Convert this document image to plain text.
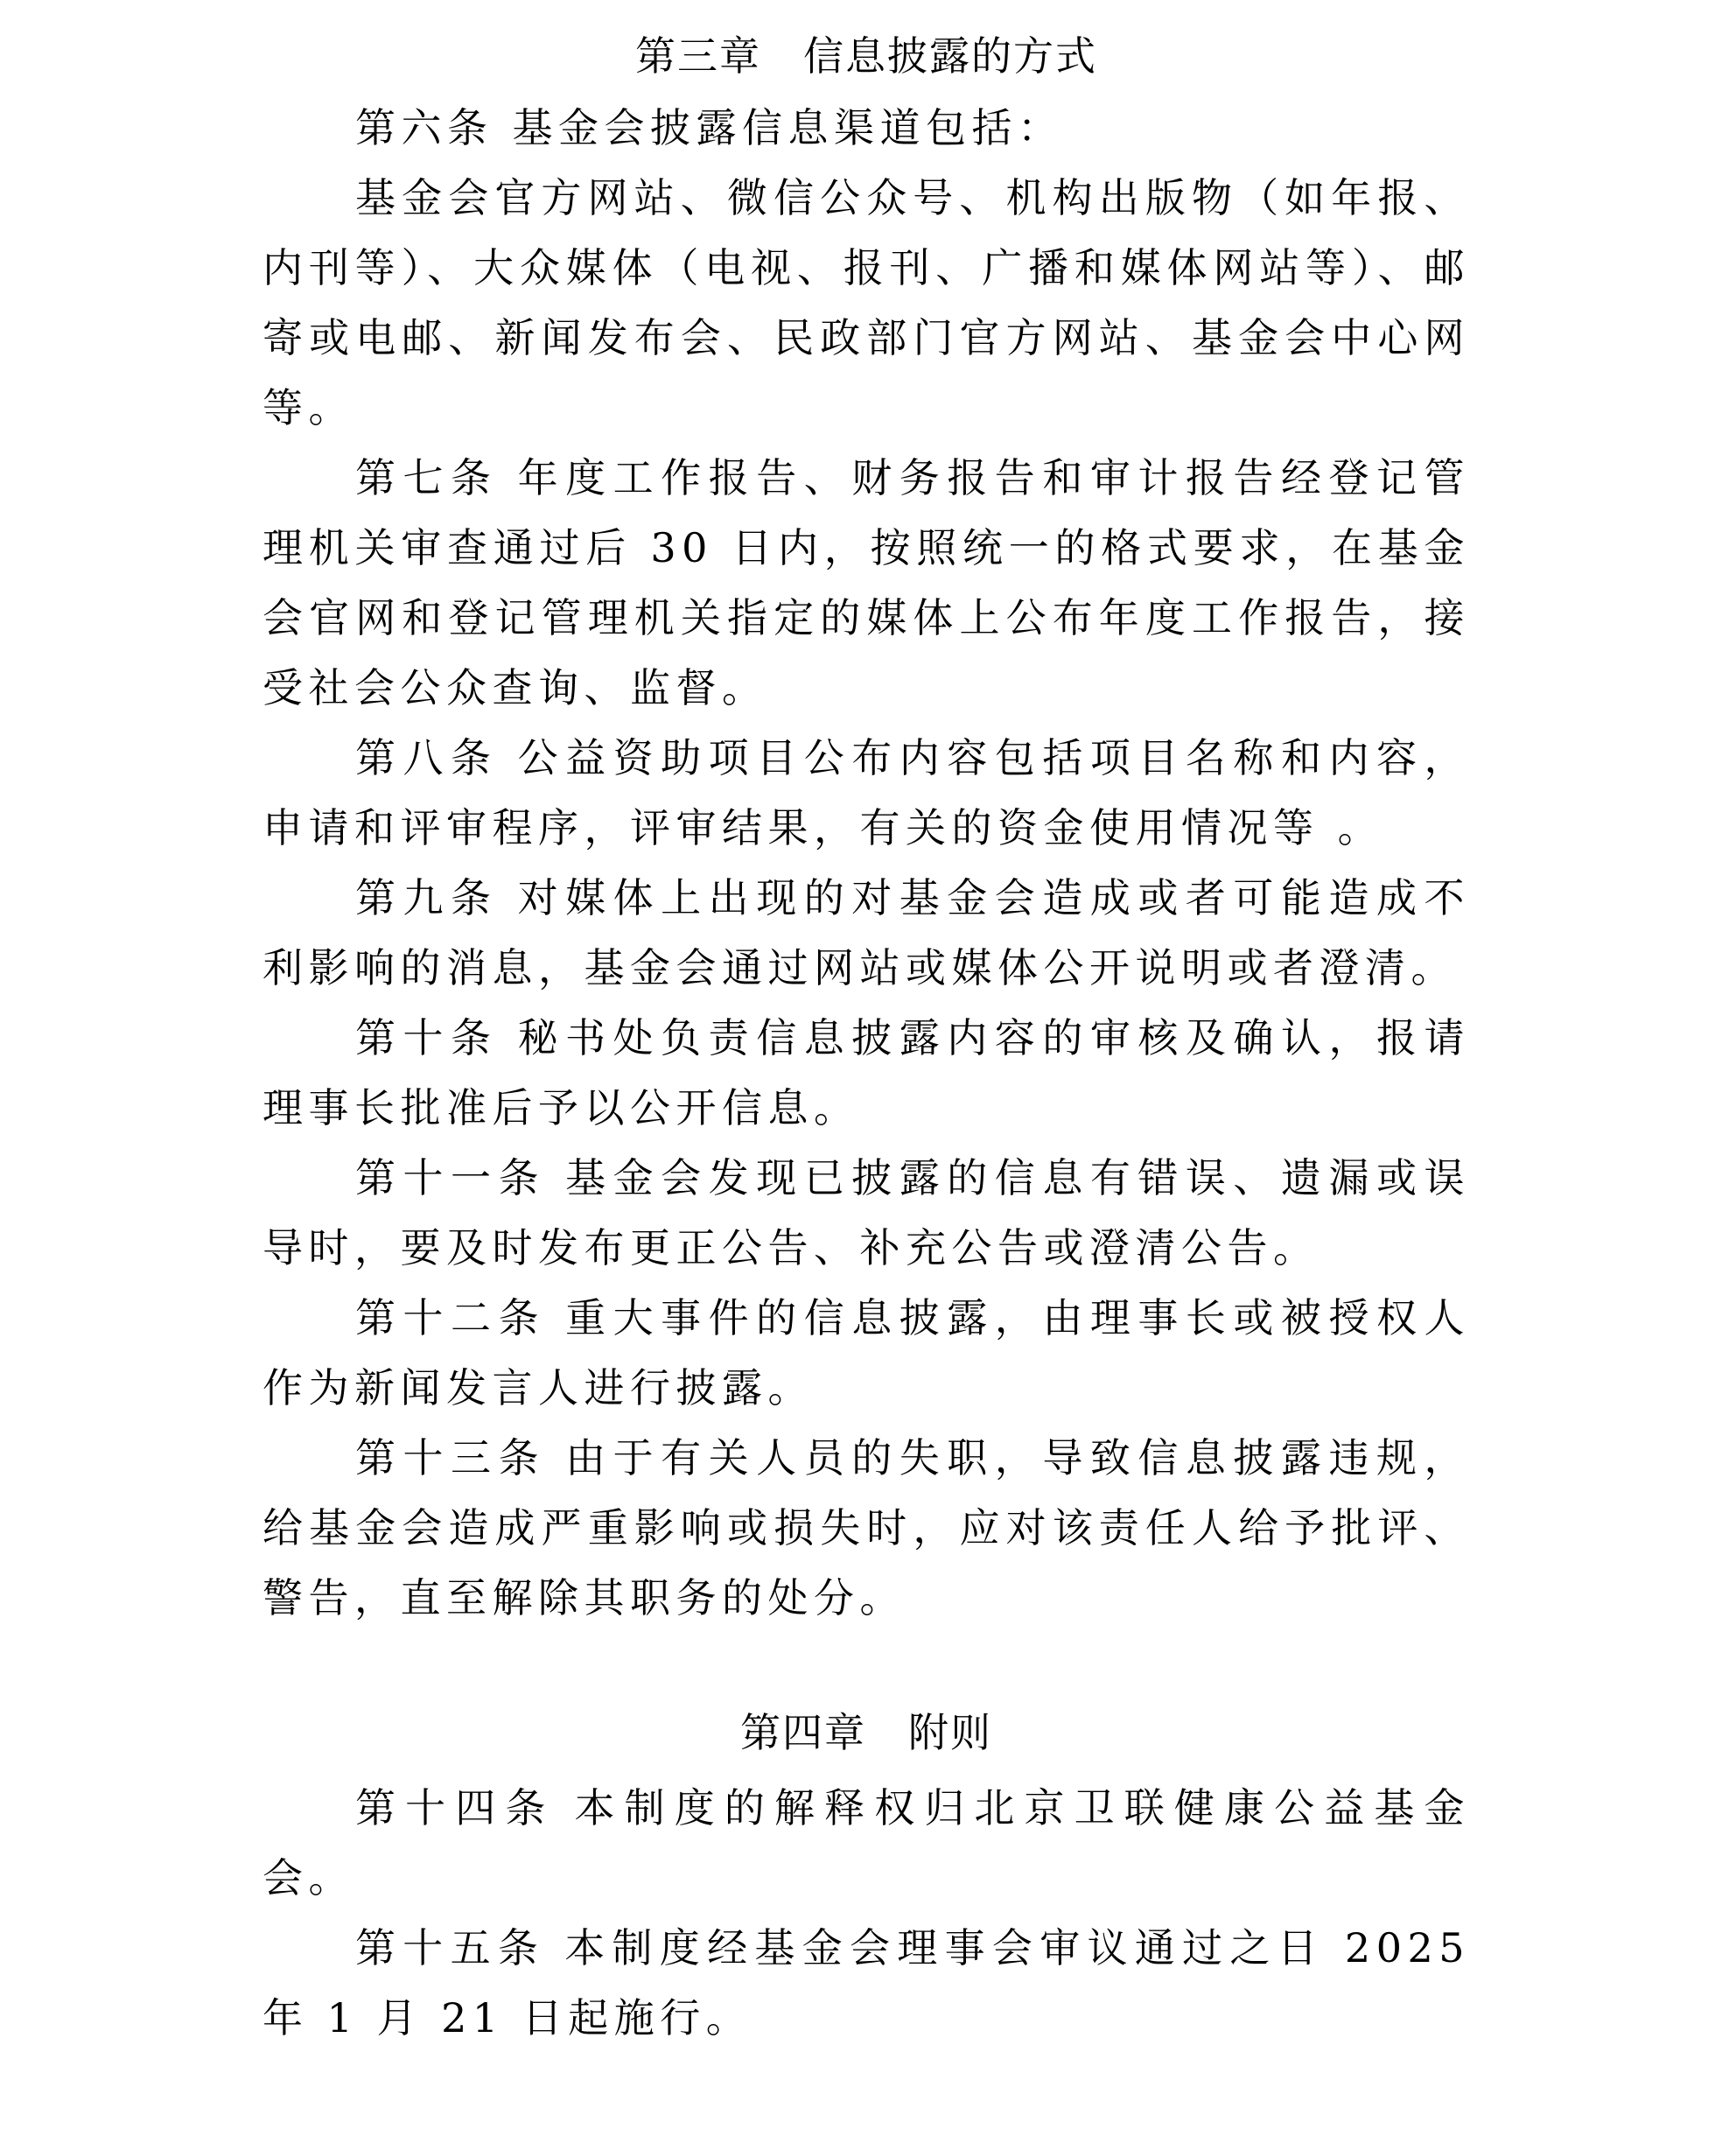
第三章 信息披露的方式

第六条 基金会披露信息渠道包括：

基金会官方网站、微信公众号、机构出版物（如年报、内刊等）、大众媒体（电视、报刊、广播和媒体网站等）、邮寄或电邮、新闻发布会、民政部门官方网站、基金会中心网等。

第七条 年度工作报告、财务报告和审计报告经登记管理机关审查通过后 30 日内，按照统一的格式要求，在基金会官网和登记管理机关指定的媒体上公布年度工作报告，接受社会公众查询、监督。

第八条 公益资助项目公布内容包括项目名称和内容，申请和评审程序，评审结果，有关的资金使用情况等 。

第九条 对媒体上出现的对基金会造成或者可能造成不利影响的消息，基金会通过网站或媒体公开说明或者澄清。

第十条 秘书处负责信息披露内容的审核及确认，报请理事长批准后予以公开信息。

第十一条 基金会发现已披露的信息有错误、遗漏或误导时，要及时发布更正公告、补充公告或澄清公告。

第十二条 重大事件的信息披露，由理事长或被授权人作为新闻发言人进行披露。

第十三条 由于有关人员的失职，导致信息披露违规，给基金会造成严重影响或损失时，应对该责任人给予批评、警告，直至解除其职务的处分。

第四章 附则

第十四条 本制度的解释权归北京卫联健康公益基金会。

第十五条 本制度经基金会理事会审议通过之日 2025 年 1 月 21 日起施行。
